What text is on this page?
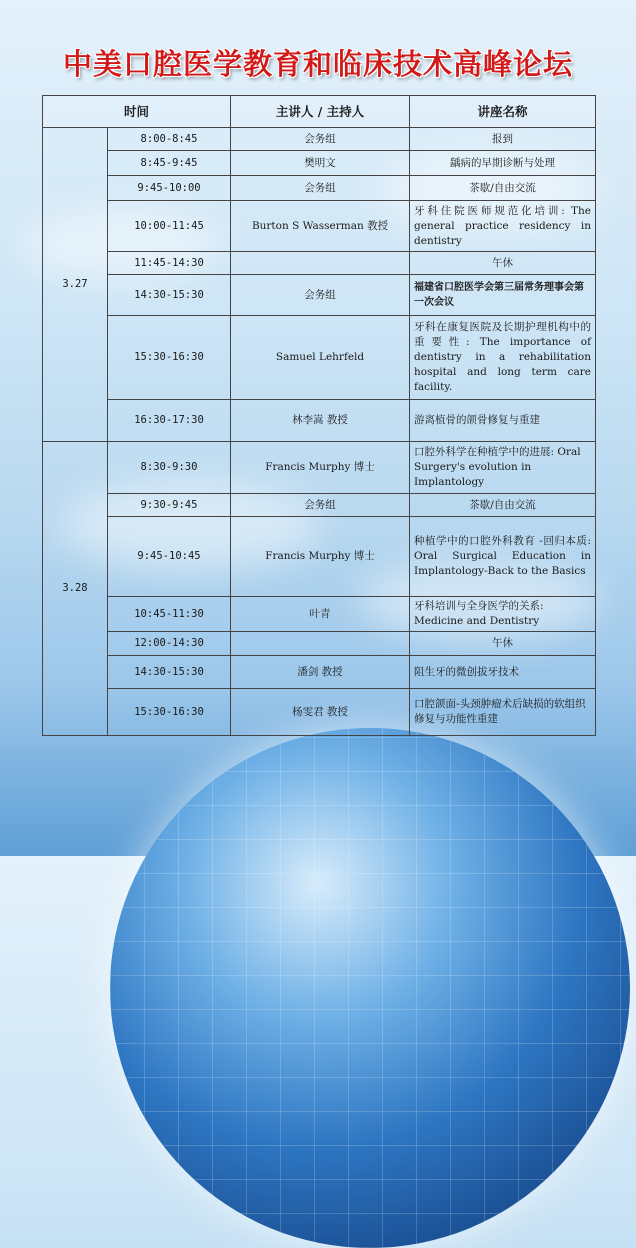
中美口腔医学教育和临床技术高峰论坛
时间		主讲人 / 主持人	讲座名称
3.27	8:00-8:45	会务组	报到
	8:45-9:45	樊明文	龋病的早期诊断与处理
	9:45-10:00	会务组	茶歇/自由交流
	10:00-11:45	Burton S Wasserman 教授	牙科住院医师规范化培训: The general practice residency in dentistry
	11:45-14:30		午休
	14:30-15:30	会务组	福建省口腔医学会第三届常务理事会第一次会议
	15:30-16:30	Samuel Lehrfeld	牙科在康复医院及长期护理机构中的重要性: The importance of dentistry in a rehabilitation hospital and long term care facility.
	16:30-17:30	林李嵩 教授	游离植骨的颌骨修复与重建
3.28	8:30-9:30	Francis Murphy 博士	口腔外科学在种植学中的进展: Oral Surgery's evolution in Implantology
	9:30-9:45	会务组	茶歇/自由交流
	9:45-10:45	Francis Murphy 博士	种植学中的口腔外科教育 -回归本质: Oral Surgical Education in Implantology-Back to the Basics
	10:45-11:30	叶青	牙科培训与全身医学的关系: Medicine and Dentistry
	12:00-14:30		午休
	14:30-15:30	潘剑 教授	阻生牙的微创拔牙技术
	15:30-16:30	杨雯君 教授	口腔颌面-头颈肿瘤术后缺损的软组织修复与功能性重建
